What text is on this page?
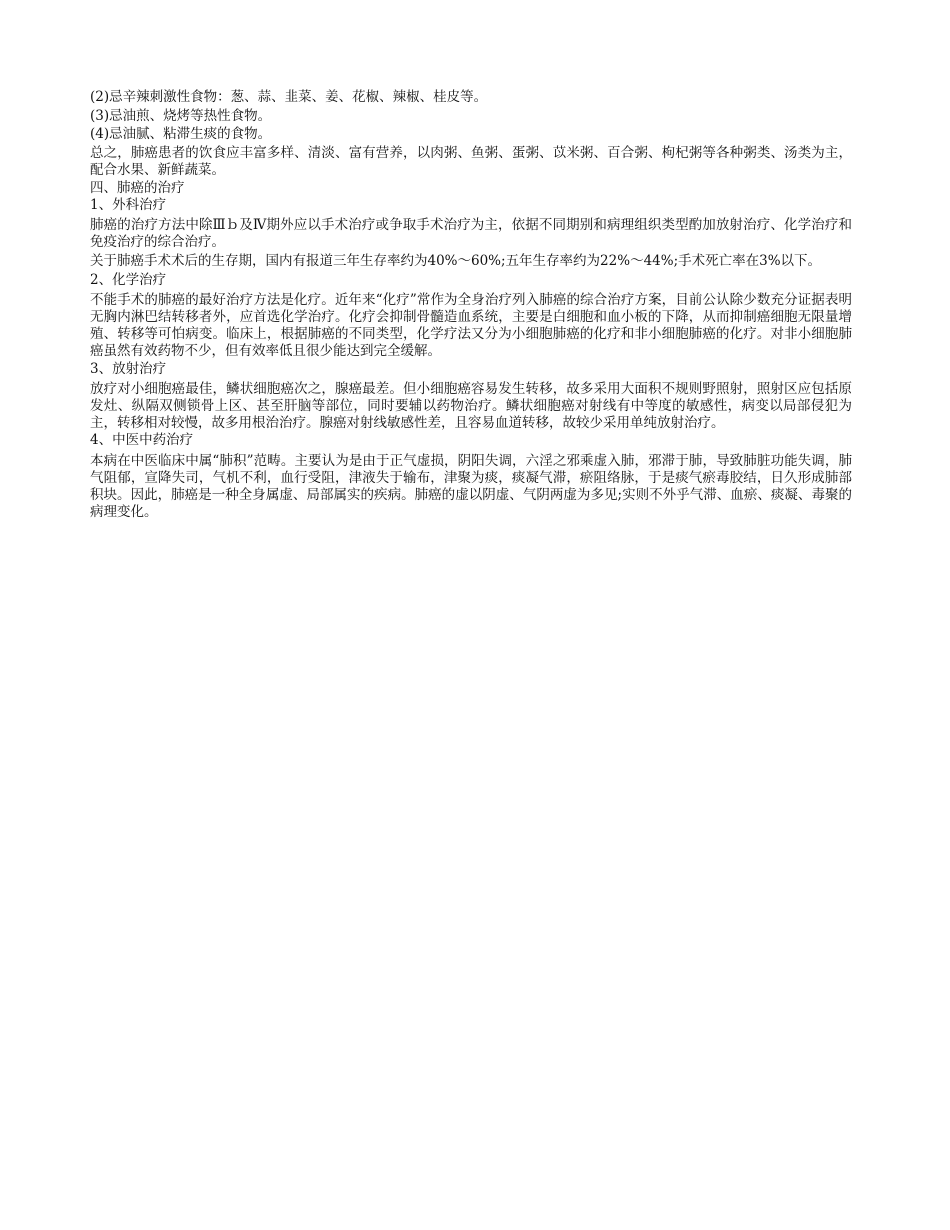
(2)忌辛辣刺激性食物：葱、蒜、韭菜、姜、花椒、辣椒、桂皮等。

(3)忌油煎、烧烤等热性食物。

(4)忌油腻、粘滞生痰的食物。

总之，肺癌患者的饮食应丰富多样、清淡、富有营养，以肉粥、鱼粥、蛋粥、苡米粥、百合粥、枸杞粥等各种粥类、汤类为主，配合水果、新鲜蔬菜。

四、肺癌的治疗

1、外科治疗

肺癌的治疗方法中除Ⅲｂ及Ⅳ期外应以手术治疗或争取手术治疗为主，依据不同期别和病理组织类型酌加放射治疗、化学治疗和免疫治疗的综合治疗。

关于肺癌手术术后的生存期，国内有报道三年生存率约为40%～60%;五年生存率约为22%～44%;手术死亡率在3%以下。

2、化学治疗

不能手术的肺癌的最好治疗方法是化疗。近年来“化疗”常作为全身治疗列入肺癌的综合治疗方案，目前公认除少数充分证据表明无胸内淋巴结转移者外，应首选化学治疗。化疗会抑制骨髓造血系统，主要是白细胞和血小板的下降，从而抑制癌细胞无限量增殖、转移等可怕病变。临床上，根据肺癌的不同类型，化学疗法又分为小细胞肺癌的化疗和非小细胞肺癌的化疗。对非小细胞肺癌虽然有效药物不少，但有效率低且很少能达到完全缓解。

3、放射治疗

放疗对小细胞癌最佳，鳞状细胞癌次之，腺癌最差。但小细胞癌容易发生转移，故多采用大面积不规则野照射，照射区应包括原发灶、纵隔双侧锁骨上区、甚至肝脑等部位，同时要辅以药物治疗。鳞状细胞癌对射线有中等度的敏感性，病变以局部侵犯为主，转移相对较慢，故多用根治治疗。腺癌对射线敏感性差，且容易血道转移，故较少采用单纯放射治疗。

4、中医中药治疗

本病在中医临床中属“肺积”范畴。主要认为是由于正气虚损，阴阳失调，六淫之邪乘虚入肺，邪滞于肺，导致肺脏功能失调，肺气阻郁，宣降失司，气机不利，血行受阻，津液失于输布，津聚为痰，痰凝气滞，瘀阻络脉，于是痰气瘀毒胶结，日久形成肺部积块。因此，肺癌是一种全身属虚、局部属实的疾病。肺癌的虚以阴虚、气阴两虚为多见;实则不外乎气滞、血瘀、痰凝、毒聚的病理变化。
